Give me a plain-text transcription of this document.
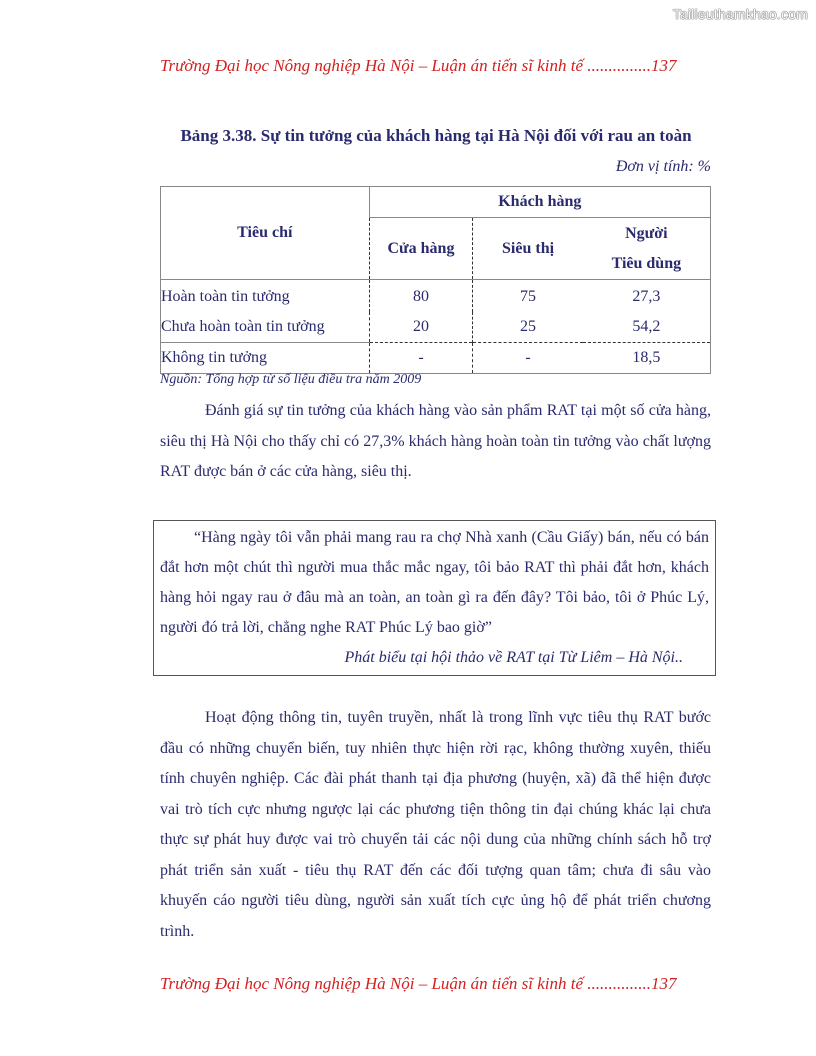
Tailieuthamkhao.com
Trường Đại học Nông nghiệp Hà Nội – Luận án tiến sĩ kinh tế ...............137
Bảng 3.38. Sự tin tưởng của khách hàng tại Hà Nội đối với rau an toàn
Đơn vị tính: %
Tiêu chí	Khách hàng		
	Cửa hàng	Siêu thị	Người
Tiêu dùng

Hoàn toàn tin tưởng	80	75	27,3
Chưa hoàn toàn tin tưởng	20	25	54,2
Không tin tưởng	-	-	18,5
Nguồn: Tổng hợp từ số liệu điều tra năm 2009
Đánh giá sự tin tưởng của khách hàng vào sản phẩm RAT tại một số cửa hàng, siêu thị Hà Nội cho thấy chỉ có 27,3% khách hàng hoàn toàn tin tưởng vào chất lượng RAT được bán ở các cửa hàng, siêu thị.
“Hàng ngày tôi vẫn phải mang rau ra chợ Nhà xanh (Cầu Giấy) bán, nếu có bán đắt hơn một chút thì người mua thắc mắc ngay, tôi bảo RAT thì phải đắt hơn, khách hàng hỏi ngay rau ở đâu mà an toàn, an toàn gì ra đến đây? Tôi bảo, tôi ở Phúc Lý, người đó trả lời, chẳng nghe RAT Phúc Lý bao giờ”
Phát biểu tại hội thảo về RAT tại Từ Liêm – Hà Nội..
Hoạt động thông tin, tuyên truyền, nhất là trong lĩnh vực tiêu thụ RAT bước đầu có những chuyển biến, tuy nhiên thực hiện rời rạc, không thường xuyên, thiếu tính chuyên nghiệp. Các đài phát thanh tại địa phương (huyện, xã) đã thể hiện được vai trò tích cực nhưng ngược lại các phương tiện thông tin đại chúng khác lại chưa thực sự phát huy được vai trò chuyển tải các nội dung của những chính sách hỗ trợ phát triển sản xuất - tiêu thụ RAT đến các đối tượng quan tâm; chưa đi sâu vào khuyến cáo người tiêu dùng, người sản xuất tích cực ủng hộ để phát triển chương trình.
Trường Đại học Nông nghiệp Hà Nội – Luận án tiến sĩ kinh tế ...............137
